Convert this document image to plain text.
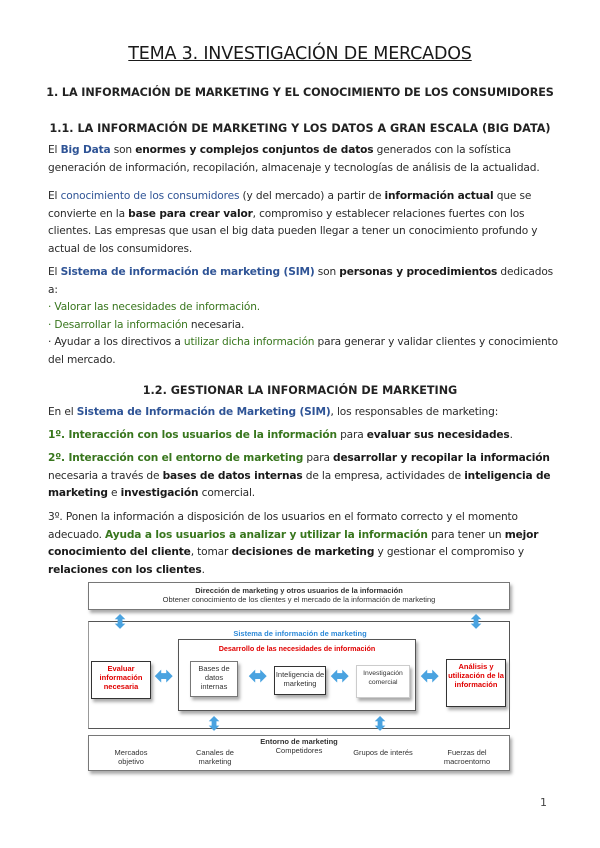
TEMA 3. INVESTIGACIÓN DE MERCADOS
1. LA INFORMACIÓN DE MARKETING Y EL CONOCIMIENTO DE LOS CONSUMIDORES
1.1. LA INFORMACIÓN DE MARKETING Y LOS DATOS A GRAN ESCALA (BIG DATA)
El Big Data son enormes y complejos conjuntos de datos generados con la sofística generación de información, recopilación, almacenaje y tecnologías de análisis de la actualidad.
El conocimiento de los consumidores (y del mercado) a partir de información actual que se convierte en la base para crear valor, compromiso y establecer relaciones fuertes con los clientes. Las empresas que usan el big data pueden llegar a tener un conocimiento profundo y actual de los consumidores.
El Sistema de información de marketing (SIM) son personas y procedimientos dedicados a:
· Valorar las necesidades de información.
· Desarrollar la información necesaria.
· Ayudar a los directivos a utilizar dicha información para generar y validar clientes y conocimiento del mercado.
1.2. GESTIONAR LA INFORMACIÓN DE MARKETING
En el Sistema de Información de Marketing (SIM), los responsables de marketing:
1º. Interacción con los usuarios de la información para evaluar sus necesidades.
2º. Interacción con el entorno de marketing para desarrollar y recopilar la información necesaria a través de bases de datos internas de la empresa, actividades de inteligencia de marketing e investigación comercial.
3º. Ponen la información a disposición de los usuarios en el formato correcto y el momento adecuado. Ayuda a los usuarios a analizar y utilizar la información para tener un mejor conocimiento del cliente, tomar decisiones de marketing y gestionar el compromiso y relaciones con los clientes.
Dirección de marketing y otros usuarios de la información
Obtener conocimiento de los clientes y el mercado de la información de marketing
Sistema de información de marketing
Desarrollo de las necesidades de información
Bases de datos internas
Inteligencia de marketing
Investigación comercial
Evaluar información necesaria
Análisis y utilización de la información
⬍	⬍
⬌	⬌	⬌	⬌
⬍	⬍
Entorno de marketing
Mercados objetivo
Canales de marketing
Competidores	Grupos de interés	Fuerzas del macroentorno
1
